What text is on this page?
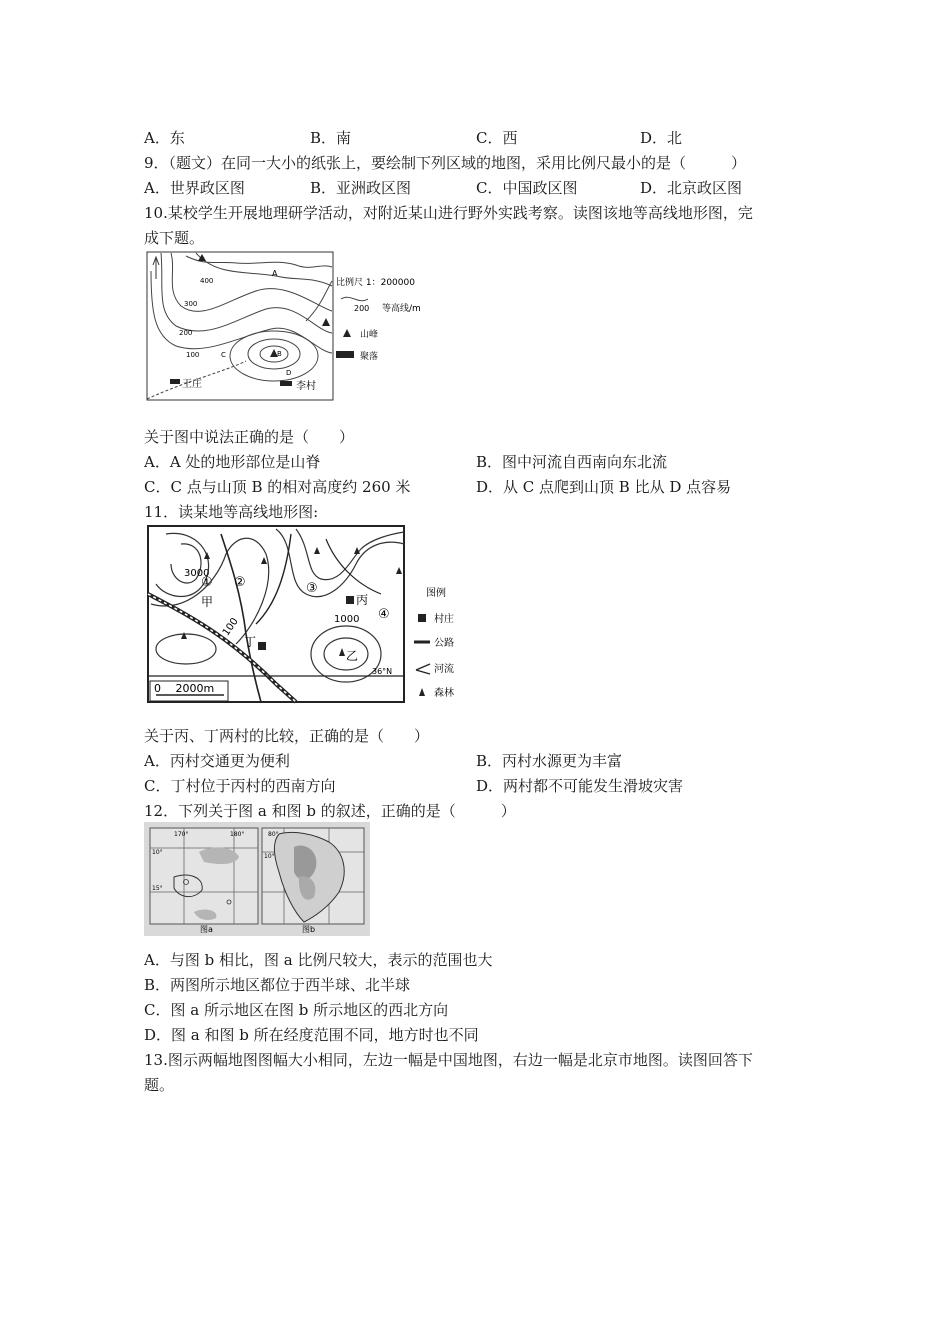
A．东	B．南	C．西	D．北
9．（题文）在同一大小的纸张上，要绘制下列区域的地图，采用比例尺最小的是（　　　）
A．世界政区图	B．亚洲政区图	C．中国政区图	D．北京政区图
10.某校学生开展地理研学活动，对附近某山进行野外实践考察。读图该地等高线地形图，完
成下题。
400
300
200
100
A
B
C
D
王庄	李村
比例尺 1：200000
200 等高线/m
山峰
聚落
关于图中说法正确的是（　　）
A．A 处的地形部位是山脊	B．图中河流自西南向东北流
C．C 点与山顶 B 的相对高度约 260 米	D．从 C 点爬到山顶 B 比从 D 点容易
11．读某地等高线地形图:
3000
1000
100
① ②	③
④
甲	丙
丁
乙
36°N
0　 2000m
图例
村庄
公路
河流
森林
关于丙、丁两村的比较，正确的是（　　）
A．丙村交通更为便利	B．丙村水源更为丰富
C．丁村位于丙村的西南方向	D．两村都不可能发生滑坡灾害
12．下列关于图 a 和图 b 的叙述，正确的是（　　　）
170°	180°
10°
15°
图a
80°
10°
图b
A．与图 b 相比，图 a 比例尺较大，表示的范围也大
B．两图所示地区都位于西半球、北半球
C．图 a 所示地区在图 b 所示地区的西北方向
D．图 a 和图 b 所在经度范围不同，地方时也不同
13.图示两幅地图图幅大小相同，左边一幅是中国地图，右边一幅是北京市地图。读图回答下
题。
